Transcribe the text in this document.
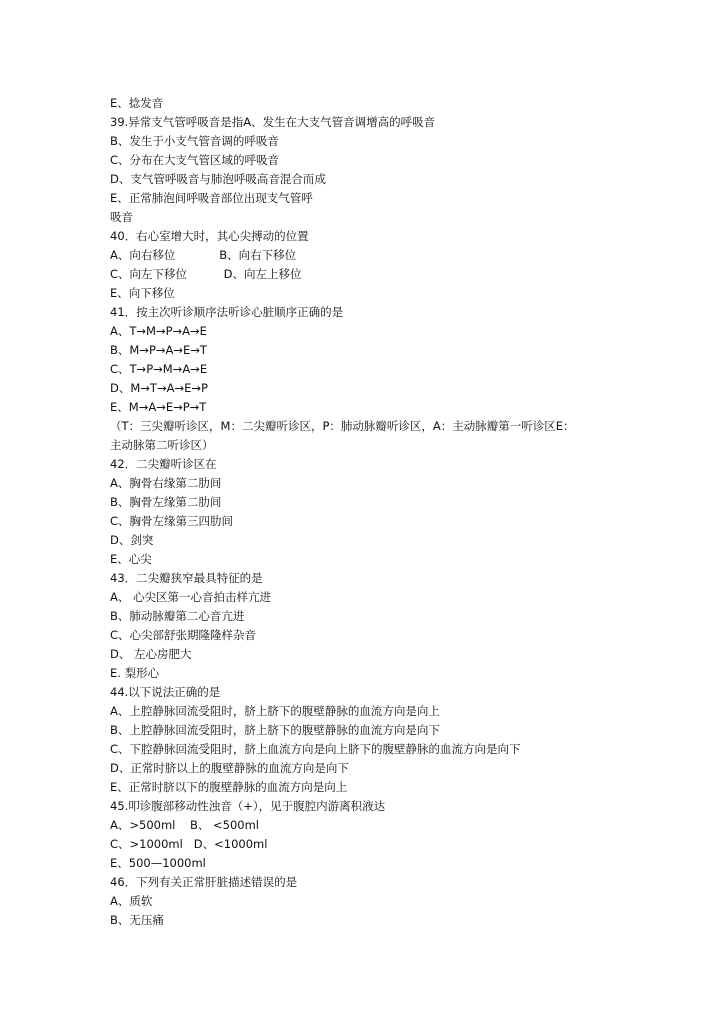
E、捻发音
39.异常支气管呼吸音是指A、发生在大支气管音调增高的呼吸音
B、发生于小支气管音调的呼吸音
C、分布在大支气管区域的呼吸音
D、支气管呼吸音与肺泡呼吸高音混合而成
E、正常肺泡间呼吸音部位出现支气管呼
吸音
40．右心室增大时，其心尖搏动的位置
A、向右移位            B、向右下移位
C、向左下移位          D、向左上移位
E、向下移位
41．按主次听诊顺序法听诊心脏顺序正确的是
A、T→M→P→A→E
B、M→P→A→E→T
C、T→P→M→A→E
D、M→T→A→E→P
E、M→A→E→P→T
（T：三尖瓣听诊区，M：二尖瓣听诊区，P：肺动脉瓣听诊区，A：主动脉瓣第一听诊区E：
主动脉第二听诊区）
42．二尖瓣听诊区在
A、胸骨右缘第二肋间
B、胸骨左缘第二肋间
C、胸骨左缘第三四肋间
D、剑突
E、心尖
43．二尖瓣狭窄最具特征的是
A、 心尖区第一心音拍击样亢进
B、肺动脉瓣第二心音亢进
C、心尖部舒张期隆隆样杂音
D、 左心房肥大
E. 梨形心
44.以下说法正确的是
A、上腔静脉回流受阻时，脐上脐下的腹壁静脉的血流方向是向上
B、上腔静脉回流受阻时，脐上脐下的腹壁静脉的血流方向是向下
C、下腔静脉回流受阻时，脐上血流方向是向上脐下的腹壁静脉的血流方向是向下
D、正常时脐以上的腹壁静脉的血流方向是向下
E、正常时脐以下的腹壁静脉的血流方向是向上
45.叩诊腹部移动性浊音（+），见于腹腔内游离积液达
A、>500ml    B、 <500ml
C、>1000ml   D、<1000ml
E、500—1000ml
46．下列有关正常肝脏描述错误的是
A、质软
B、无压痛
